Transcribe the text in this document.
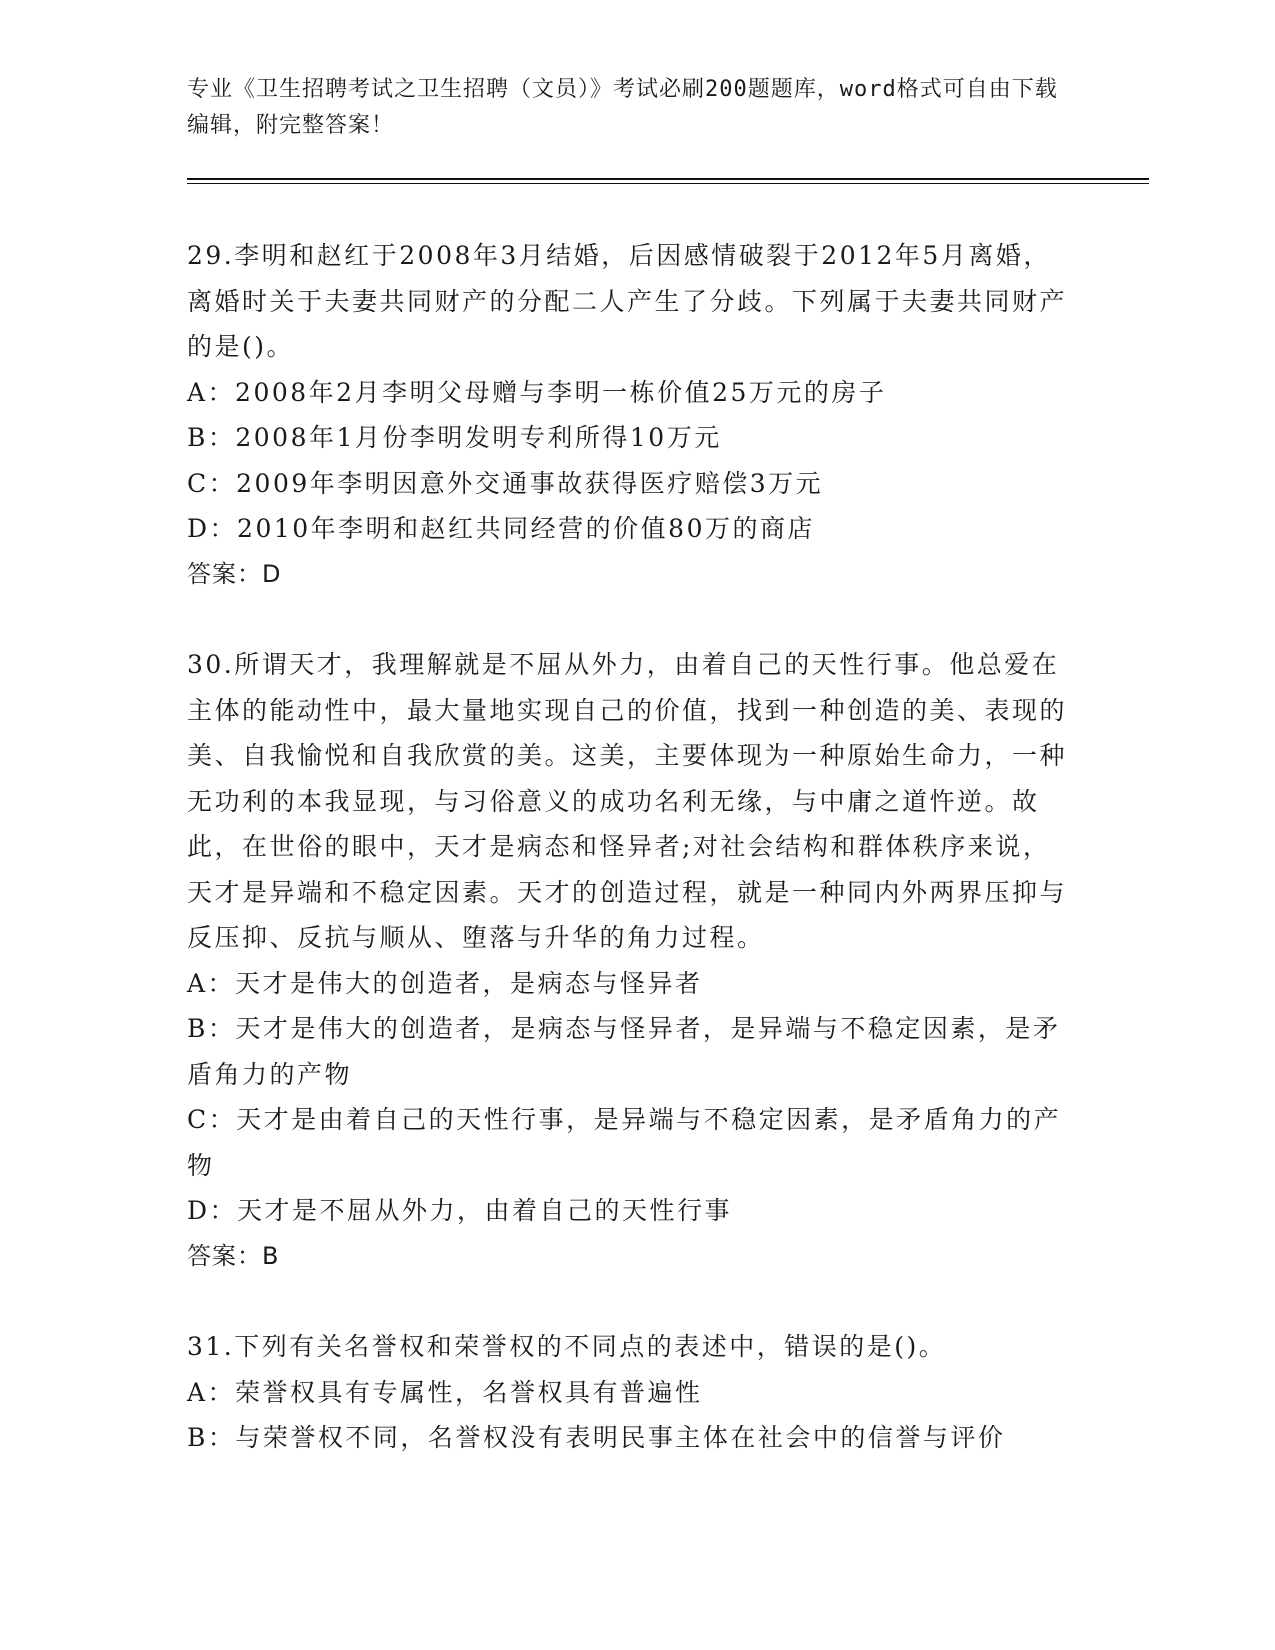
专业《卫生招聘考试之卫生招聘（文员）》考试必刷200题题库，word格式可自由下载编辑，附完整答案！

29.李明和赵红于2008年3月结婚，后因感情破裂于2012年5月离婚，离婚时关于夫妻共同财产的分配二人产生了分歧。下列属于夫妻共同财产的是()。

A：2008年2月李明父母赠与李明一栋价值25万元的房子

B：2008年1月份李明发明专利所得10万元

C：2009年李明因意外交通事故获得医疗赔偿3万元

D：2010年李明和赵红共同经营的价值80万的商店

答案：D

30.所谓天才，我理解就是不屈从外力，由着自己的天性行事。他总爱在主体的能动性中，最大量地实现自己的价值，找到一种创造的美、表现的美、自我愉悦和自我欣赏的美。这美，主要体现为一种原始生命力，一种无功利的本我显现，与习俗意义的成功名利无缘，与中庸之道忤逆。故此，在世俗的眼中，天才是病态和怪异者;对社会结构和群体秩序来说，天才是异端和不稳定因素。天才的创造过程，就是一种同内外两界压抑与反压抑、反抗与顺从、堕落与升华的角力过程。

A：天才是伟大的创造者，是病态与怪异者

B：天才是伟大的创造者，是病态与怪异者，是异端与不稳定因素，是矛盾角力的产物

C：天才是由着自己的天性行事，是异端与不稳定因素，是矛盾角力的产物

D：天才是不屈从外力，由着自己的天性行事

答案：B

31.下列有关名誉权和荣誉权的不同点的表述中，错误的是()。

A：荣誉权具有专属性，名誉权具有普遍性

B：与荣誉权不同，名誉权没有表明民事主体在社会中的信誉与评价
